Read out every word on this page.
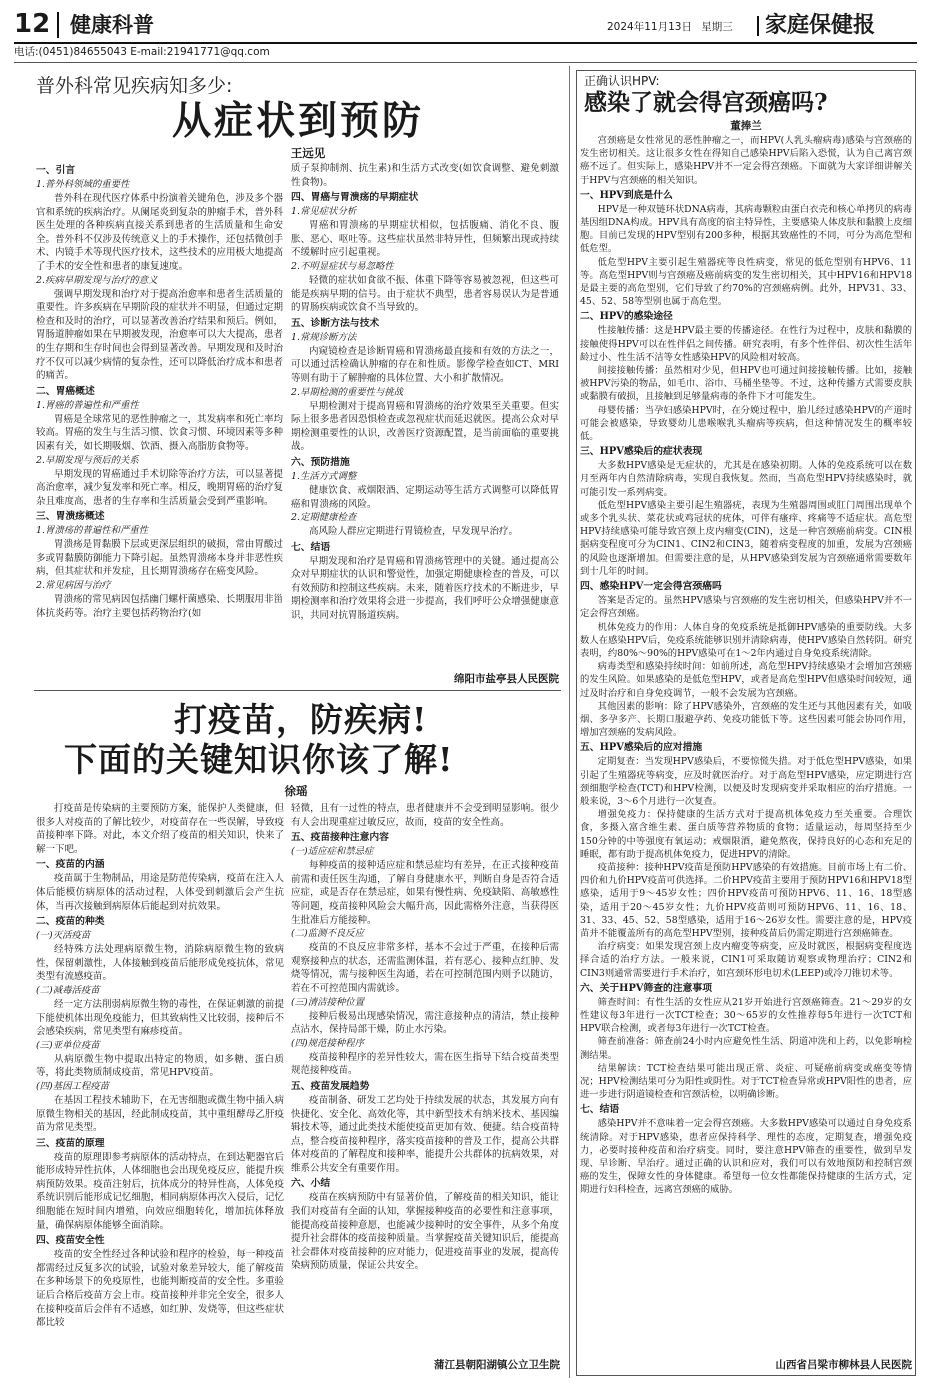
12 健康科普	2024年11月13日 星期三 家庭保健报
电话:(0451)84655043 E-mail:21941771@qq.com
普外科常见疾病知多少:
从症状到预防
王远见
一、引言
1.普外科领域的重要性

普外科在现代医疗体系中扮演着关键角色，涉及多个器官和系统的疾病治疗。从阑尾炎到复杂的肿瘤手术，普外科医生处理的各种疾病直接关系到患者的生活质量和生命安全。普外科不仅涉及传统意义上的手术操作，还包括微创手术、内镜手术等现代医疗技术，这些技术的应用极大地提高了手术的安全性和患者的康复速度。

2.疾病早期发现与治疗的意义

强调早期发现和治疗对于提高治愈率和患者生活质量的重要性。许多疾病在早期阶段的症状并不明显，但通过定期检查和及时的治疗，可以显著改善治疗结果和预后。例如，胃肠道肿瘤如果在早期被发现，治愈率可以大大提高，患者的生存期和生存时间也会得到显著改善。早期发现和及时治疗不仅可以减少病情的复杂性，还可以降低治疗成本和患者的痛苦。

二、胃癌概述
1.胃癌的普遍性和严重性

胃癌是全球常见的恶性肿瘤之一，其发病率和死亡率均较高。胃癌的发生与生活习惯、饮食习惯、环境因素等多种因素有关，如长期吸烟、饮酒、摄入高脂肪食物等。

2.早期发现与预后的关系

早期发现的胃癌通过手术切除等治疗方法，可以显著提高治愈率，减少复发率和死亡率。相反，晚期胃癌的治疗复杂且难度高，患者的生存率和生活质量会受到严重影响。

三、胃溃疡概述
1.胃溃疡的普遍性和严重性

胃溃疡是胃黏膜下层或更深层组织的破损，常由胃酸过多或胃黏膜防御能力下降引起。虽然胃溃疡本身并非恶性疾病，但其症状和并发症，且长期胃溃疡存在癌变风险。

2.常见病因与治疗

胃溃疡的常见病因包括幽门螺杆菌感染、长期服用非甾体抗炎药等。治疗主要包括药物治疗(如

质子泵抑制剂、抗生素)和生活方式改变(如饮食调整、避免刺激性食物)。

四、胃癌与胃溃疡的早期症状
1.常见症状分析

胃癌和胃溃疡的早期症状相似，包括腹痛、消化不良、腹胀、恶心、呕吐等。这些症状虽然非特异性，但频繁出现或持续不缓解时应引起重视。

2.不明显症状与易忽略性

轻微的症状如食欲不振、体重下降等容易被忽视，但这些可能是疾病早期的信号。由于症状不典型，患者容易误认为是普通的胃肠疾病或饮食不当导致的。

五、诊断方法与技术
1.常规诊断方法

内窥镜检查是诊断胃癌和胃溃疡最直接和有效的方法之一，可以通过活检确认肿瘤的存在和性质。影像学检查如CT、MRI等则有助于了解肿瘤的具体位置、大小和扩散情况。

2.早期检测的重要性与挑战

早期检测对于提高胃癌和胃溃疡的治疗效果至关重要。但实际上很多患者因恐惧检查或忽视症状而延迟就医。提高公众对早期检测重要性的认识，改善医疗资源配置，是当前面临的重要挑战。

六、预防措施
1.生活方式调整

健康饮食、戒烟限酒、定期运动等生活方式调整可以降低胃癌和胃溃疡的风险。

2.定期健康检查

高风险人群应定期进行胃镜检查，早发现早治疗。

七、结语

早期发现和治疗是胃癌和胃溃疡管理中的关键。通过提高公众对早期症状的认识和警觉性，加强定期健康检查的普及，可以有效预防和控制这些疾病。未来，随着医疗技术的不断进步，早期检测率和治疗效果将会进一步提高，我们呼吁公众增强健康意识，共同对抗胃肠道疾病。

绵阳市盐亭县人民医院
打疫苗，防疾病!
下面的关键知识你该了解!
徐瑶

打疫苗是传染病的主要预防方案，能保护人类健康，但很多人对疫苗的了解比较少，对疫苗存在一些误解，导致疫苗接种率下降。对此，本文介绍了疫苗的相关知识，快来了解一下吧。

一、疫苗的内涵

疫苗属于生物制品，用途是防范传染病，疫苗在注入人体后能模仿病原体的活动过程，人体受到刺激后会产生抗体，当再次接触到病原体后能起到对抗效果。

二、疫苗的种类
(一)灭活疫苗

经特殊方法处理病原微生物，消除病原微生物的致病性，保留刺激性，人体接触到疫苗后能形成免疫抗体，常见类型有流感疫苗。

(二)减毒活疫苗

经一定方法削弱病原微生物的毒性，在保证刺激的前提下能使机体出现免疫能力，但其致病性又比较弱，接种后不会感染疾病，常见类型有麻疹疫苗。

(三)亚单位疫苗

从病原微生物中提取出特定的物质，如多糖、蛋白质等，将此类物质制成疫苗，常见HPV疫苗。

(四)基因工程疫苗

在基因工程技术辅助下，在无害细胞或微生物中插入病原微生物相关的基因，经此制成疫苗，其中重组酵母乙肝疫苗为常见类型。

三、疫苗的原理

疫苗的原理即参考病原体的活动特点，在到达靶器官后能形成特异性抗体，人体细胞也会出现免疫反应，能提升疾病预防效果。疫苗注射后，抗体成分的特异性高，人体免疫系统识别后能形成记忆细胞，相同病原体再次入侵后，记忆细胞能在短时间内增殖，向效应细胞转化，增加抗体释放量，确保病原体能够全面消除。

四、疫苗安全性

疫苗的安全性经过各种试验和程序的检验，每一种疫苗都需经过反复多次的试验，试验对象差异较大，能了解疫苗在多种场景下的免疫原性，也能判断疫苗的安全性。多重验证后合格后疫苗方会上市。疫苗接种并非完全安全，很多人在接种疫苗后会伴有不适感，如红肿、发烧等，但这些症状都比较

轻微，且有一过性的特点，患者健康并不会受到明显影响。很少有人会出现重症过敏反应，故而，疫苗的安全性高。

五、疫苗接种注意内容
(一)适应症和禁忌症

每种疫苗的接种适应症和禁忌症均有差异，在正式接种疫苗前需和责任医生沟通，了解自身健康水平，判断自身是否符合适应症，或是否存在禁忌症，如果有慢性病、免疫缺陷、高敏感性等问题，疫苗接种风险会大幅升高，因此需格外注意，当获得医生批准后方能接种。

(二)监测不良反应

疫苗的不良反应非常多样，基本不会过于严重，在接种后需观察接种点的状态，还需监测体温，若有恶心、接种点红肿、发烧等情况，需与接种医生沟通，若在可控制范围内则予以随访，若在不可控范围内需就诊。

(三)清洁接种位置

接种后极易出现感染情况，需注意接种点的清洁，禁止接种点沾水，保持局部干燥，防止水污染。

(四)规范接种程序

疫苗接种程序的差异性较大，需在医生指导下结合疫苗类型规范接种疫苗。

五、疫苗发展趋势

疫苗制备、研发工艺均处于持续发展的状态，其发展方向有快捷化、安全化、高效化等，其中新型技术有纳米技术、基因编辑技术等，通过此类技术能使疫苗更加有效、便捷。结合疫苗特点，整合疫苗接种程序，落实疫苗接种的普及工作，提高公共群体对疫苗的了解程度和接种率，能提升公共群体的抗病效果，对维系公共安全有重要作用。

六、小结

疫苗在疾病预防中有显著价值，了解疫苗的相关知识，能让我们对疫苗有全面的认知，掌握接种疫苗的必要性和注意事项，能提高疫苗接种意愿，也能减少接种时的安全事件，从多个角度提升社会群体的疫苗接种质量。当掌握疫苗关键知识后，能提高社会群体对疫苗接种的应对能力，促进疫苗事业的发展，提高传染病预防质量，保证公共安全。

蒲江县朝阳湖镇公立卫生院
正确认识HPV:
感染了就会得宫颈癌吗?
董捧兰

宫颈癌是女性常见的恶性肿瘤之一，而HPV(人乳头瘤病毒)感染与宫颈癌的发生密切相关。这让很多女性在得知自己感染HPV后陷入恐慌，认为自己离宫颈癌不远了。但实际上，感染HPV并不一定会得宫颈癌。下面就为大家详细讲解关于HPV与宫颈癌的相关知识。

一、HPV到底是什么

HPV是一种双链环状DNA病毒，其病毒颗粒由蛋白衣壳和核心单拷贝的病毒基因组DNA构成。HPV具有高度的宿主特异性，主要感染人体皮肤和黏膜上皮细胞。目前已发现的HPV型别有200多种，根据其致癌性的不同，可分为高危型和低危型。

低危型HPV主要引起生殖器疣等良性病变，常见的低危型别有HPV6、11等。高危型HPV则与宫颈癌及癌前病变的发生密切相关，其中HPV16和HPV18是最主要的高危型别，它们导致了约70%的宫颈癌病例。此外，HPV31、33、45、52、58等型别也属于高危型。

二、HPV的感染途径

性接触传播：这是HPV最主要的传播途径。在性行为过程中，皮肤和黏膜的接触使得HPV可以在性伴侣之间传播。研究表明，有多个性伴侣、初次性生活年龄过小、性生活不洁等女性感染HPV的风险相对较高。

间接接触传播：虽然相对少见，但HPV也可通过间接接触传播。比如，接触被HPV污染的物品，如毛巾、浴巾、马桶坐垫等。不过，这种传播方式需要皮肤或黏膜有破损，且接触到足够量病毒的条件下才可能发生。

母婴传播：当孕妇感染HPV时，在分娩过程中，胎儿经过感染HPV的产道时可能会被感染，导致婴幼儿患喉喉乳头瘤病等疾病，但这种情况发生的概率较低。

三、HPV感染后的症状表现

大多数HPV感染是无症状的，尤其是在感染初期。人体的免疫系统可以在数月至两年内自然清除病毒，实现自我恢复。然而，当高危型HPV持续感染时，就可能引发一系列病变。

低危型HPV感染主要引起生殖器疣，表现为生殖器周围或肛门周围出现单个或多个乳头状、菜花状或鸡冠状的疣体，可伴有瘙痒、疼痛等不适症状。高危型HPV持续感染可能导致宫颈上皮内瘤变(CIN)，这是一种宫颈癌前病变。CIN根据病变程度可分为CIN1、CIN2和CIN3，随着病变程度的加重，发展为宫颈癌的风险也逐渐增加。但需要注意的是，从HPV感染到发展为宫颈癌通常需要数年到十几年的时间。

四、感染HPV一定会得宫颈癌吗

答案是否定的。虽然HPV感染与宫颈癌的发生密切相关，但感染HPV并不一定会得宫颈癌。

机体免疫力的作用：人体自身的免疫系统是抵御HPV感染的重要防线。大多数人在感染HPV后，免疫系统能够识别并清除病毒，使HPV感染自然转阴。研究表明，约80%～90%的HPV感染可在1～2年内通过自身免疫系统清除。

病毒类型和感染持续时间：如前所述，高危型HPV持续感染才会增加宫颈癌的发生风险。如果感染的是低危型HPV，或者是高危型HPV但感染时间较短，通过及时治疗和自身免疫调节，一般不会发展为宫颈癌。

其他因素的影响：除了HPV感染外，宫颈癌的发生还与其他因素有关，如吸烟、多孕多产、长期口服避孕药、免疫功能低下等。这些因素可能会协同作用，增加宫颈癌的发病风险。

五、HPV感染后的应对措施

定期复查：当发现HPV感染后，不要惊慌失措。对于低危型HPV感染，如果引起了生殖器疣等病变，应及时就医治疗。对于高危型HPV感染，应定期进行宫颈细胞学检查(TCT)和HPV检测，以便及时发现病变并采取相应的治疗措施。一般来说，3～6个月进行一次复查。

增强免疫力：保持健康的生活方式对于提高机体免疫力至关重要。合理饮食，多摄入富含维生素、蛋白质等营养物质的食物；适量运动，每周坚持至少150分钟的中等强度有氧运动；戒烟限酒，避免熬夜，保持良好的心态和充足的睡眠，都有助于提高机体免疫力，促进HPV的清除。

疫苗接种：接种HPV疫苗是预防HPV感染的有效措施。目前市场上有二价、四价和九价HPV疫苗可供选择。二价HPV疫苗主要用于预防HPV16和HPV18型感染，适用于9～45岁女性；四价HPV疫苗可预防HPV6、11、16、18型感染，适用于20～45岁女性；九价HPV疫苗则可预防HPV6、11、16、18、31、33、45、52、58型感染，适用于16～26岁女性。需要注意的是，HPV疫苗并不能覆盖所有的高危型HPV型别，接种疫苗后仍需定期进行宫颈癌筛查。

治疗病变：如果发现宫颈上皮内瘤变等病变，应及时就医，根据病变程度选择合适的治疗方法。一般来说，CIN1可采取随访观察或物理治疗；CIN2和CIN3则通常需要进行手术治疗，如宫颈环形电切术(LEEP)或冷刀锥切术等。

六、关于HPV筛查的注意事项

筛查时间：有性生活的女性应从21岁开始进行宫颈癌筛查。21～29岁的女性建议每3年进行一次TCT检查；30～65岁的女性推荐每5年进行一次TCT和HPV联合检测，或者每3年进行一次TCT检查。

筛查前准备：筛查前24小时内应避免性生活、阴道冲洗和上药，以免影响检测结果。

结果解读：TCT检查结果可能出现正常、炎症、可疑癌前病变或癌变等情况；HPV检测结果可分为阳性或阴性。对于TCT检查异常或HPV阳性的患者，应进一步进行阴道镜检查和宫颈活检，以明确诊断。

七、结语

感染HPV并不意味着一定会得宫颈癌。大多数HPV感染可以通过自身免疫系统清除。对于HPV感染，患者应保持科学、理性的态度，定期复查，增强免疫力，必要时接种疫苗和治疗病变。同时，要注意HPV筛查的重要性，做到早发现、早诊断、早治疗。通过正确的认识和应对，我们可以有效地预防和控制宫颈癌的发生，保障女性的身体健康。希望每一位女性都能保持健康的生活方式，定期进行妇科检查，远离宫颈癌的威胁。

山西省吕梁市柳林县人民医院
